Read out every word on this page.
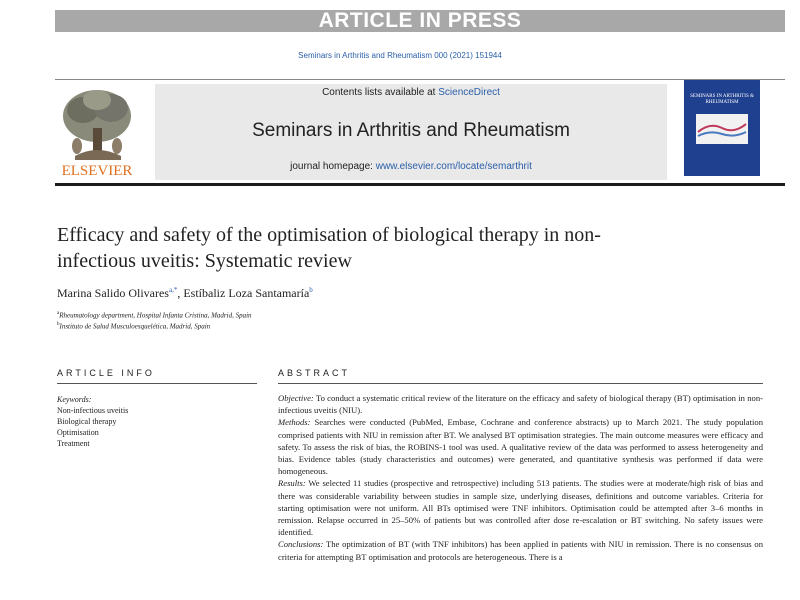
ARTICLE IN PRESS
Seminars in Arthritis and Rheumatism 000 (2021) 151944
ELSEVIER
Contents lists available at ScienceDirect
Seminars in Arthritis and Rheumatism
journal homepage: www.elsevier.com/locate/semarthrit
SEMINARS IN ARTHRITIS & RHEUMATISM
Efficacy and safety of the optimisation of biological therapy in non-infectious uveitis: Systematic review
Marina Salido Olivares$^{a,*}$, Estíbaliz Loza Santamaría$^b$
$^a$Rheumatology department, Hospital Infanta Cristina, Madrid, Spain
$^b$Instituto de Salud Musculoesquelética, Madrid, Spain
ARTICLE INFO	ABSTRACT
Keywords:
Non-infectious uveitis
Biological therapy
Optimisation
Treatment

Objective: To conduct a systematic critical review of the literature on the efficacy and safety of biological therapy (BT) optimisation in non-infectious uveitis (NIU).

Methods: Searches were conducted (PubMed, Embase, Cochrane and conference abstracts) up to March 2021. The study population comprised patients with NIU in remission after BT. We analysed BT optimisation strategies. The main outcome measures were efficacy and safety. To assess the risk of bias, the ROBINS-1 tool was used. A qualitative review of the data was performed to assess heterogeneity and bias. Evidence tables (study characteristics and outcomes) were generated, and quantitative synthesis was performed if data were homogeneous.

Results: We selected 11 studies (prospective and retrospective) including 513 patients. The studies were at moderate/high risk of bias and there was considerable variability between studies in sample size, underlying diseases, definitions and outcome variables. Criteria for starting optimisation were not uniform. All BTs optimised were TNF inhibitors. Optimisation could be attempted after 3–6 months in remission. Relapse occurred in 25–50% of patients but was controlled after dose re-escalation or BT switching. No safety issues were identified.

Conclusions: The optimization of BT (with TNF inhibitors) has been applied in patients with NIU in remission. There is no consensus on criteria for attempting BT optimisation and protocols are heterogeneous. There is a
